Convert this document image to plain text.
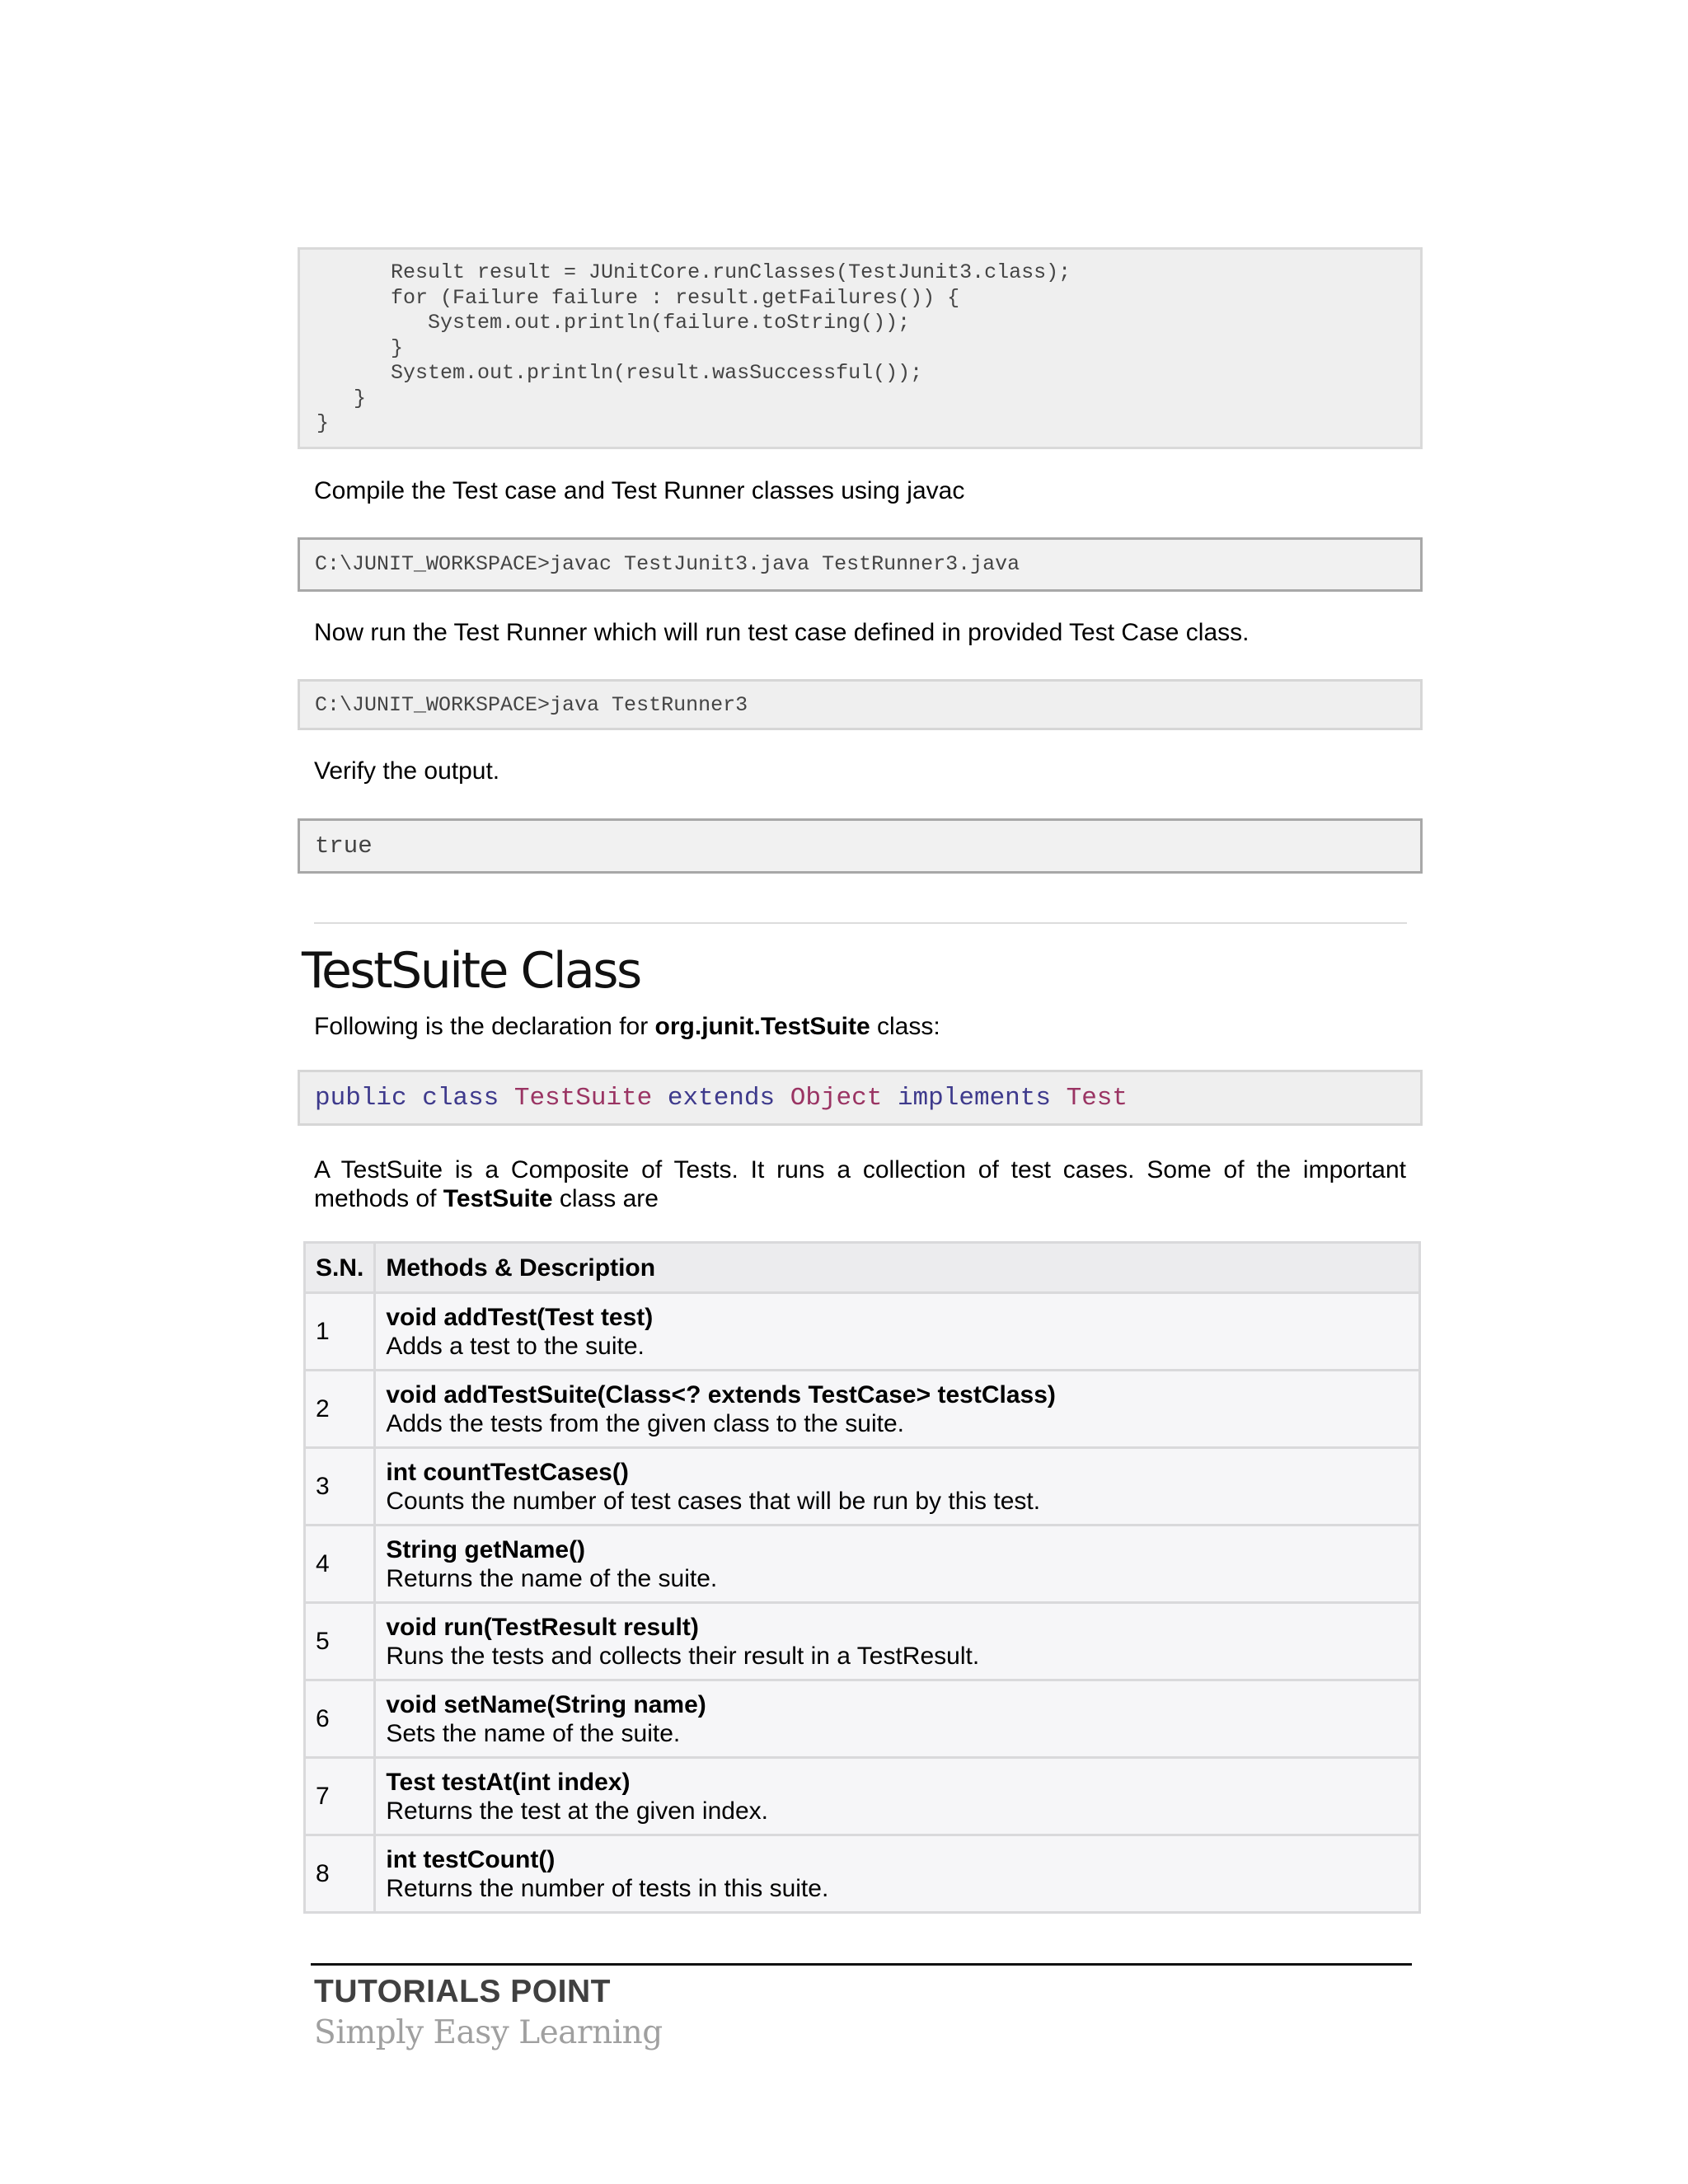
Result result = JUnitCore.runClasses(TestJunit3.class);
for (Failure failure : result.getFailures()) {
System.out.println(failure.toString());
}
System.out.println(result.wasSuccessful());
}
}
Compile the Test case and Test Runner classes using javac
C:\JUNIT_WORKSPACE>javac TestJunit3.java TestRunner3.java
Now run the Test Runner which will run test case defined in provided Test Case class.
C:\JUNIT_WORKSPACE>java TestRunner3
Verify the output.
true
TestSuite Class
Following is the declaration for org.junit.TestSuite class:
public class TestSuite extends Object implements Test
A TestSuite is a Composite of Tests. It runs a collection of test cases. Some of the important methods of TestSuite class are
S.N.	Methods & Description
1	void addTest(Test test)
Adds a test to the suite.
2	void addTestSuite(Class<? extends TestCase> testClass)
Adds the tests from the given class to the suite.
3	int countTestCases()
Counts the number of test cases that will be run by this test.
4	String getName()
Returns the name of the suite.
5	void run(TestResult result)
Runs the tests and collects their result in a TestResult.
6	void setName(String name)
Sets the name of the suite.
7	Test testAt(int index)
Returns the test at the given index.
8	int testCount()
Returns the number of tests in this suite.
TUTORIALS POINT
Simply Easy Learning
